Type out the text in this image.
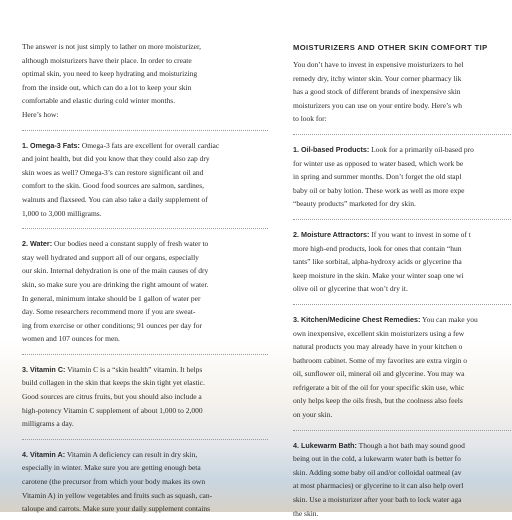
The answer is not just simply to lather on more moisturizer,

although moisturizers have their place. In order to create

optimal skin, you need to keep hydrating and moisturizing

from the inside out, which can do a lot to keep your skin

comfortable and elastic during cold winter months.

Here’s how:

1. Omega-3 Fats: Omega-3 fats are excellent for overall cardiac

and joint health, but did you know that they could also zap dry

skin woes as well? Omega-3’s can restore significant oil and

comfort to the skin. Good food sources are salmon, sardines,

walnuts and flaxseed. You can also take a daily supplement of

1,000 to 3,000 milligrams.

2. Water: Our bodies need a constant supply of fresh water to

stay well hydrated and support all of our organs, especially

our skin. Internal dehydration is one of the main causes of dry

skin, so make sure you are drinking the right amount of water.

In general, minimum intake should be 1 gallon of water per

day. Some researchers recommend more if you are sweat-

ing from exercise or other conditions; 91 ounces per day for

women and 107 ounces for men.

3. Vitamin C: Vitamin C is a “skin health” vitamin. It helps

build collagen in the skin that keeps the skin tight yet elastic.

Good sources are citrus fruits, but you should also include a

high-potency Vitamin C supplement of about 1,000 to 2,000

milligrams a day.

4. Vitamin A: Vitamin A deficiency can result in dry skin,

especially in winter. Make sure you are getting enough beta

carotene (the precursor from which your body makes its own

Vitamin A) in yellow vegetables and fruits such as squash, can-

taloupe and carrots. Make sure your daily supplement contains

MOISTURIZERS AND OTHER SKIN COMFORT TIP

You don’t have to invest in expensive moisturizers to hel

remedy dry, itchy winter skin. Your corner pharmacy lik

has a good stock of different brands of inexpensive skin

moisturizers you can use on your entire body. Here’s wh

to look for:

1. Oil-based Products: Look for a primarily oil-based pro

for winter use as opposed to water based, which work be

in spring and summer months. Don’t forget the old stapl

baby oil or baby lotion. These work as well as more expe

“beauty products” marketed for dry skin.

2. Moisture Attractors: If you want to invest in some of t

more high-end products, look for ones that contain “hun

tants” like sorbital, alpha-hydroxy acids or glycerine tha

keep moisture in the skin. Make your winter soap one wi

olive oil or glycerine that won’t dry it.

3. Kitchen/Medicine Chest Remedies: You can make you

own inexpensive, excellent skin moisturizers using a few

natural products you may already have in your kitchen o

bathroom cabinet. Some of my favorites are extra virgin o

oil, sunflower oil, mineral oil and glycerine. You may wa

refrigerate a bit of the oil for your specific skin use, whic

only helps keep the oils fresh, but the coolness also feels

on your skin.

4. Lukewarm Bath: Though a hot bath may sound good

being out in the cold, a lukewarm water bath is better fo

skin. Adding some baby oil and/or colloidal oatmeal (av

at most pharmacies) or glycerine to it can also help overl

skin. Use a moisturizer after your bath to lock water aga

the skin.
